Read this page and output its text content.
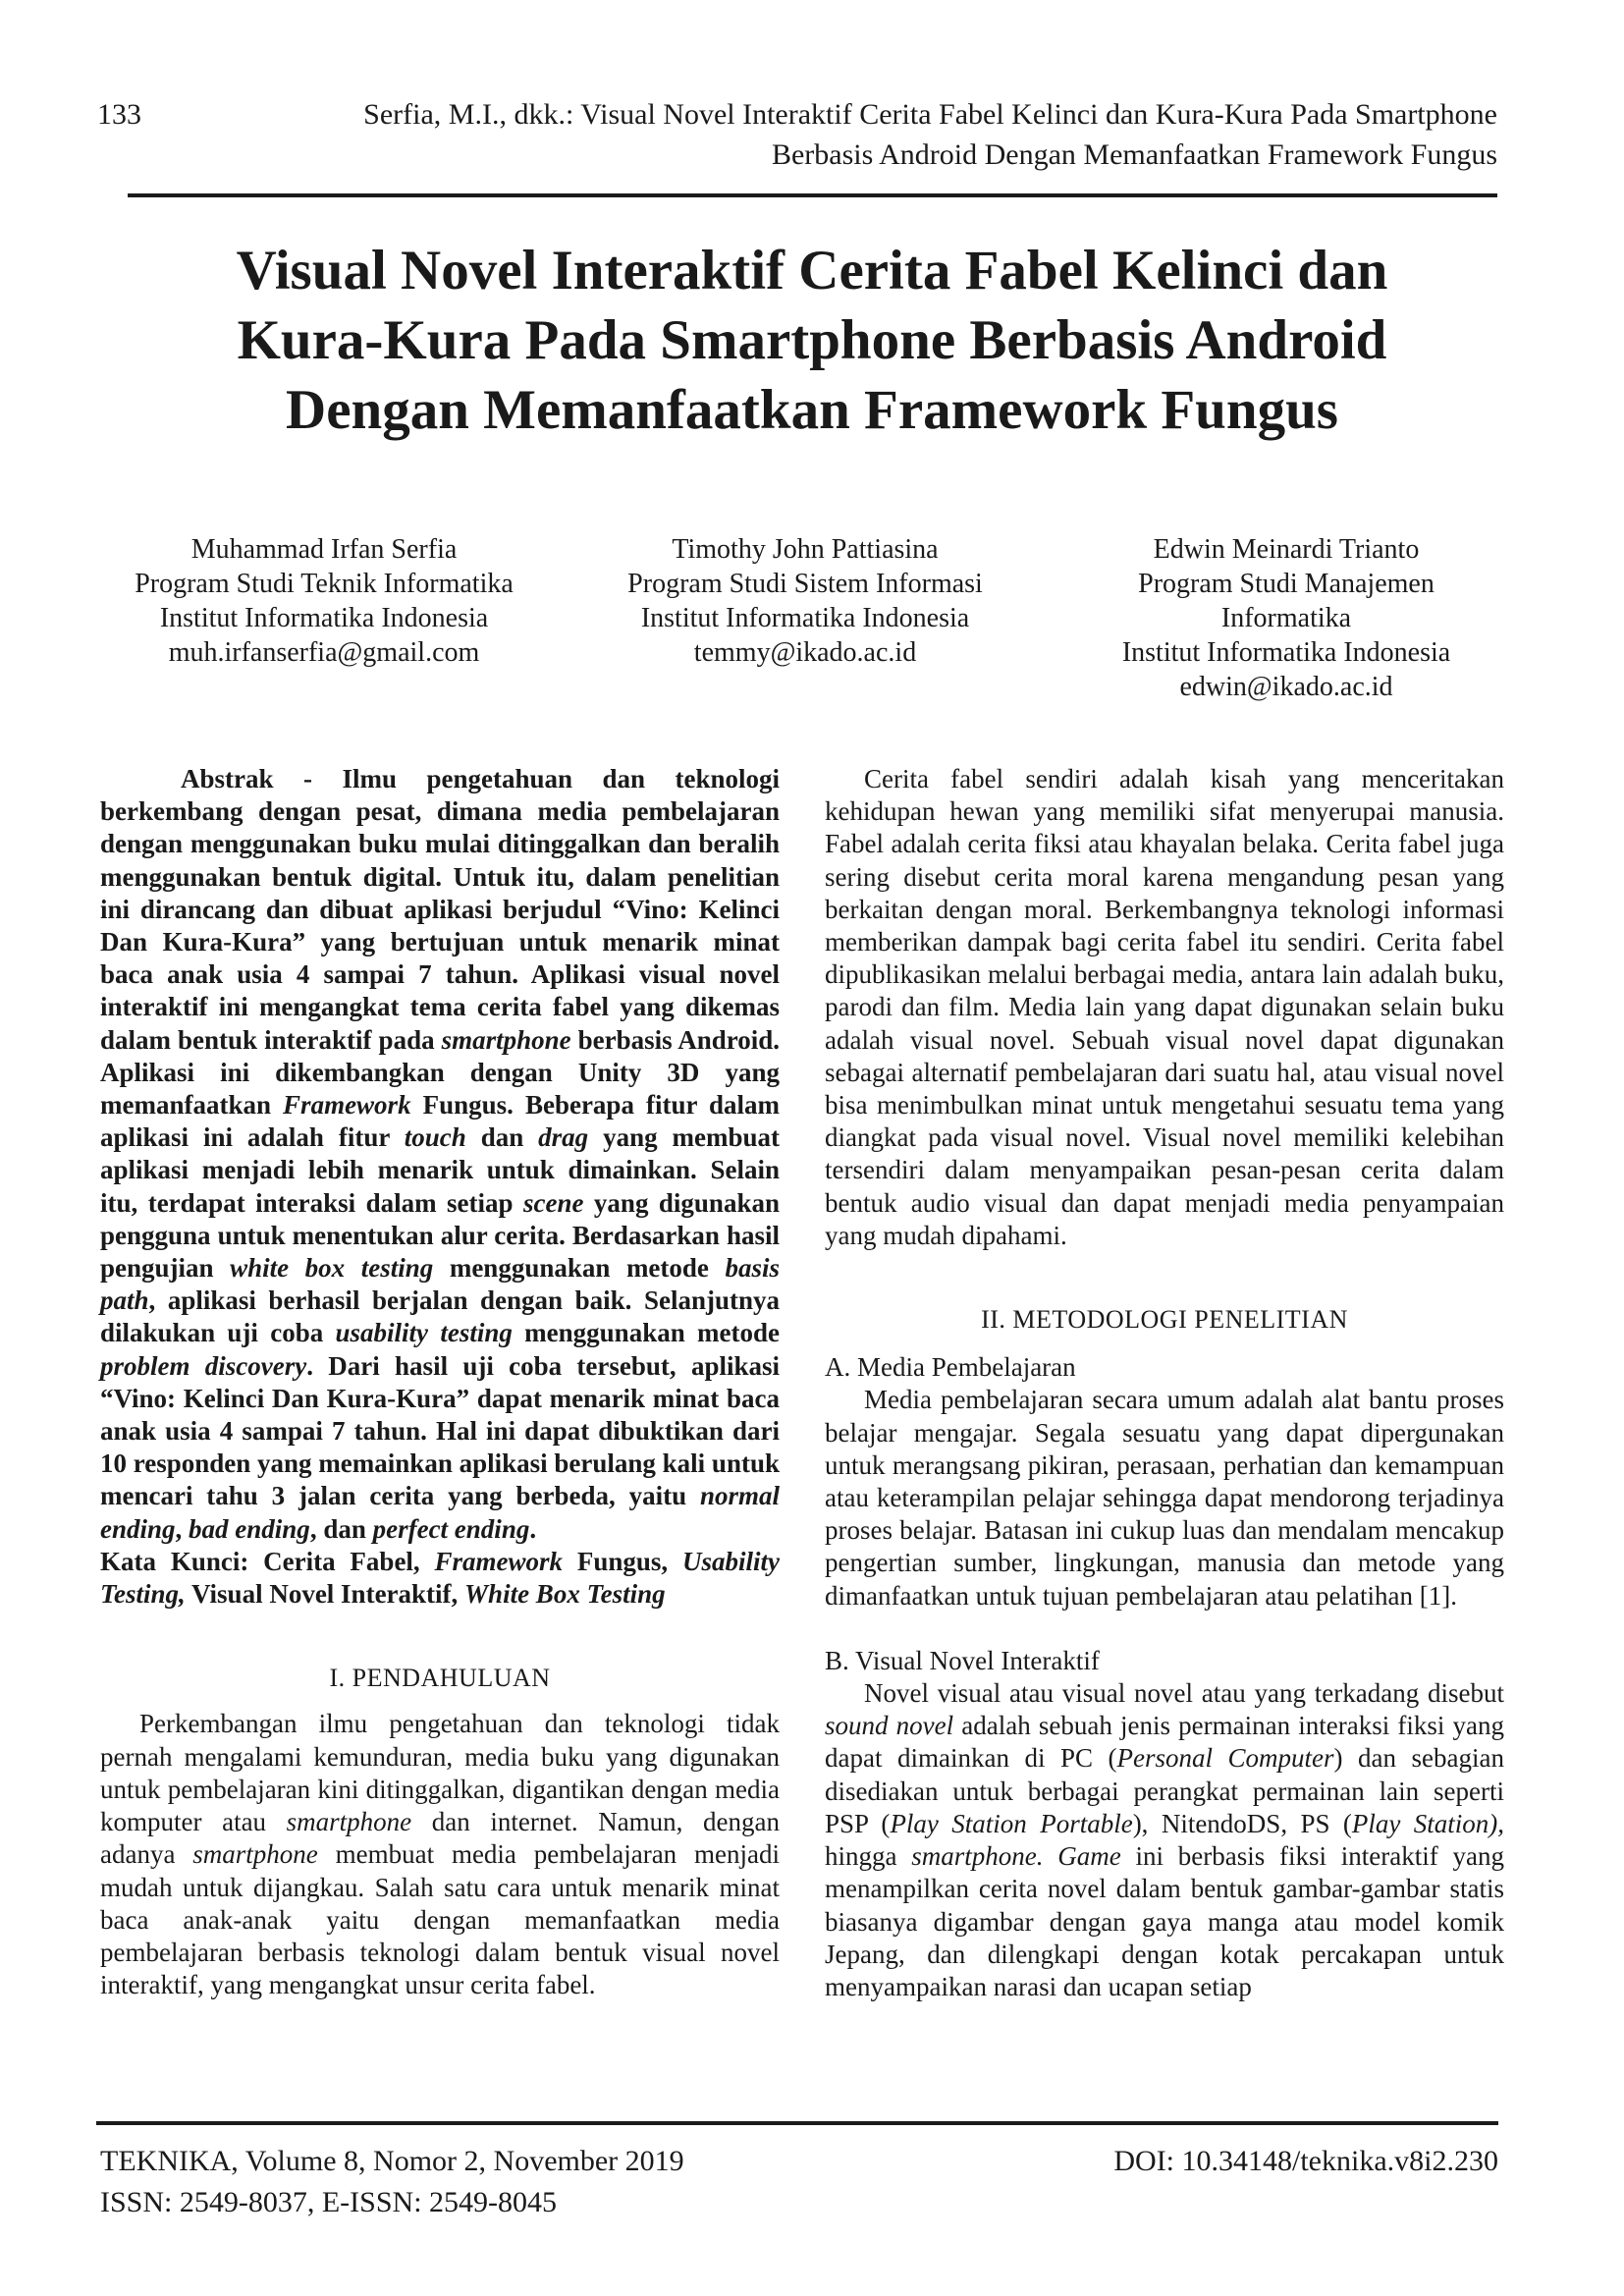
133	Serfia, M.I., dkk.: Visual Novel Interaktif Cerita Fabel Kelinci dan Kura-Kura Pada Smartphone
Berbasis Android Dengan Memanfaatkan Framework Fungus
Visual Novel Interaktif Cerita Fabel Kelinci dan
Kura-Kura Pada Smartphone Berbasis Android
Dengan Memanfaatkan Framework Fungus
Muhammad Irfan Serfia
Program Studi Teknik Informatika
Institut Informatika Indonesia
muh.irfanserfia@gmail.com
Timothy John Pattiasina
Program Studi Sistem Informasi
Institut Informatika Indonesia
temmy@ikado.ac.id
Edwin Meinardi Trianto
Program Studi Manajemen
Informatika
Institut Informatika Indonesia
edwin@ikado.ac.id

Abstrak - Ilmu pengetahuan dan teknologi berkembang dengan pesat, dimana media pembelajaran dengan menggunakan buku mulai ditinggalkan dan beralih menggunakan bentuk digital. Untuk itu, dalam penelitian ini dirancang dan dibuat aplikasi berjudul “Vino: Kelinci Dan Kura-Kura” yang bertujuan untuk menarik minat baca anak usia 4 sampai 7 tahun. Aplikasi visual novel interaktif ini mengangkat tema cerita fabel yang dikemas dalam bentuk interaktif pada smartphone berbasis Android. Aplikasi ini dikembangkan dengan Unity 3D yang memanfaatkan Framework Fungus. Beberapa fitur dalam aplikasi ini adalah fitur touch dan drag yang membuat aplikasi menjadi lebih menarik untuk dimainkan. Selain itu, terdapat interaksi dalam setiap scene yang digunakan pengguna untuk menentukan alur cerita. Berdasarkan hasil pengujian white box testing menggunakan metode basis path, aplikasi berhasil berjalan dengan baik. Selanjutnya dilakukan uji coba usability testing menggunakan metode problem discovery. Dari hasil uji coba tersebut, aplikasi “Vino: Kelinci Dan Kura-Kura” dapat menarik minat baca anak usia 4 sampai 7 tahun. Hal ini dapat dibuktikan dari 10 responden yang memainkan aplikasi berulang kali untuk mencari tahu 3 jalan cerita yang berbeda, yaitu normal ending, bad ending, dan perfect ending.

Kata Kunci: Cerita Fabel, Framework Fungus, Usability Testing, Visual Novel Interaktif, White Box Testing

I. PENDAHULUAN

Perkembangan ilmu pengetahuan dan teknologi tidak pernah mengalami kemunduran, media buku yang digunakan untuk pembelajaran kini ditinggalkan, digantikan dengan media komputer atau smartphone dan internet. Namun, dengan adanya smartphone membuat media pembelajaran menjadi mudah untuk dijangkau. Salah satu cara untuk menarik minat baca anak-anak yaitu dengan memanfaatkan media pembelajaran berbasis teknologi dalam bentuk visual novel interaktif, yang mengangkat unsur cerita fabel.

Cerita fabel sendiri adalah kisah yang menceritakan kehidupan hewan yang memiliki sifat menyerupai manusia. Fabel adalah cerita fiksi atau khayalan belaka. Cerita fabel juga sering disebut cerita moral karena mengandung pesan yang berkaitan dengan moral. Berkembangnya teknologi informasi memberikan dampak bagi cerita fabel itu sendiri. Cerita fabel dipublikasikan melalui berbagai media, antara lain adalah buku, parodi dan film. Media lain yang dapat digunakan selain buku adalah visual novel. Sebuah visual novel dapat digunakan sebagai alternatif pembelajaran dari suatu hal, atau visual novel bisa menimbulkan minat untuk mengetahui sesuatu tema yang diangkat pada visual novel. Visual novel memiliki kelebihan tersendiri dalam menyampaikan pesan-pesan cerita dalam bentuk audio visual dan dapat menjadi media penyampaian yang mudah dipahami.

II. METODOLOGI PENELITIAN

A. Media Pembelajaran

Media pembelajaran secara umum adalah alat bantu proses belajar mengajar. Segala sesuatu yang dapat dipergunakan untuk merangsang pikiran, perasaan, perhatian dan kemampuan atau keterampilan pelajar sehingga dapat mendorong terjadinya proses belajar. Batasan ini cukup luas dan mendalam mencakup pengertian sumber, lingkungan, manusia dan metode yang dimanfaatkan untuk tujuan pembelajaran atau pelatihan [1].

B. Visual Novel Interaktif

Novel visual atau visual novel atau yang terkadang disebut sound novel adalah sebuah jenis permainan interaksi fiksi yang dapat dimainkan di PC (Personal Computer) dan sebagian disediakan untuk berbagai perangkat permainan lain seperti PSP (Play Station Portable), NitendoDS, PS (Play Station), hingga smartphone. Game ini berbasis fiksi interaktif yang menampilkan cerita novel dalam bentuk gambar-gambar statis biasanya digambar dengan gaya manga atau model komik Jepang, dan dilengkapi dengan kotak percakapan untuk menyampaikan narasi dan ucapan setiap

TEKNIKA, Volume 8, Nomor 2, November 2019
ISSN: 2549-8037, E-ISSN: 2549-8045
DOI: 10.34148/teknika.v8i2.230
